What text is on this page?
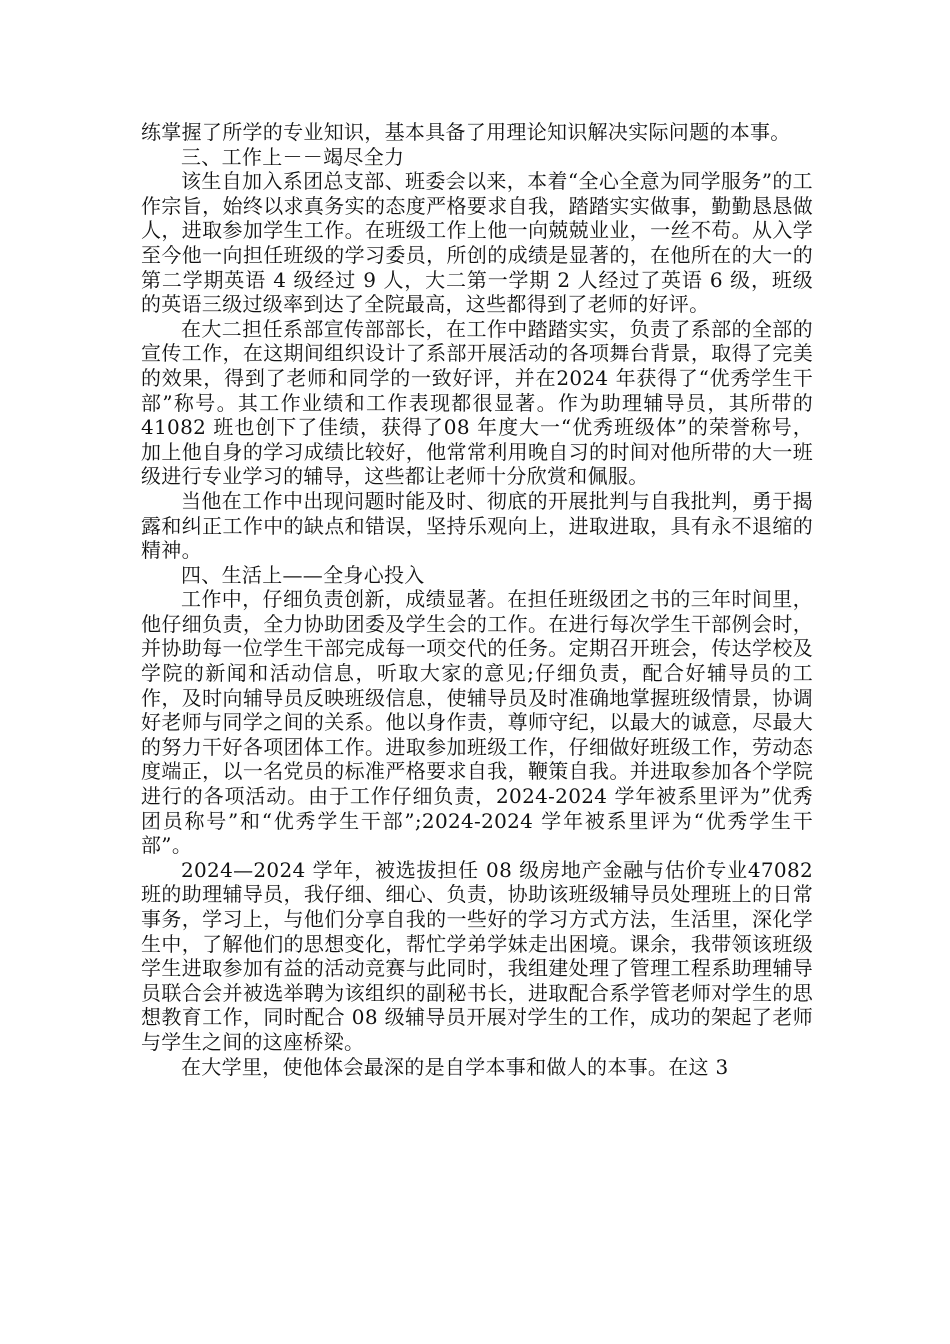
练掌握了所学的专业知识，基本具备了用理论知识解决实际问题的本事。

三、工作上－－竭尽全力

该生自加入系团总支部、班委会以来，本着“全心全意为同学服务”的工作宗旨，始终以求真务实的态度严格要求自我，踏踏实实做事，勤勤恳恳做人，进取参加学生工作。在班级工作上他一向兢兢业业，一丝不苟。从入学至今他一向担任班级的学习委员，所创的成绩是显著的，在他所在的大一的第二学期英语 4 级经过 9 人，大二第一学期 2 人经过了英语 6 级，班级的英语三级过级率到达了全院最高，这些都得到了老师的好评。

在大二担任系部宣传部部长，在工作中踏踏实实，负责了系部的全部的宣传工作，在这期间组织设计了系部开展活动的各项舞台背景，取得了完美的效果，得到了老师和同学的一致好评，并在2024 年获得了“优秀学生干部”称号。其工作业绩和工作表现都很显著。作为助理辅导员，其所带的 41082 班也创下了佳绩，获得了08 年度大一“优秀班级体”的荣誉称号，加上他自身的学习成绩比较好，他常常利用晚自习的时间对他所带的大一班级进行专业学习的辅导，这些都让老师十分欣赏和佩服。

当他在工作中出现问题时能及时、彻底的开展批判与自我批判，勇于揭露和纠正工作中的缺点和错误，坚持乐观向上，进取进取，具有永不退缩的精神。

四、生活上——全身心投入

工作中，仔细负责创新，成绩显著。在担任班级团之书的三年时间里，他仔细负责，全力协助团委及学生会的工作。在进行每次学生干部例会时，并协助每一位学生干部完成每一项交代的任务。定期召开班会，传达学校及学院的新闻和活动信息，听取大家的意见;仔细负责，配合好辅导员的工作，及时向辅导员反映班级信息，使辅导员及时准确地掌握班级情景，协调好老师与同学之间的关系。他以身作责，尊师守纪，以最大的诚意，尽最大的努力干好各项团体工作。进取参加班级工作，仔细做好班级工作，劳动态度端正，以一名党员的标准严格要求自我，鞭策自我。并进取参加各个学院进行的各项活动。由于工作仔细负责，2024-2024 学年被系里评为”优秀团员称号”和“优秀学生干部”;2024-2024 学年被系里评为“优秀学生干部”。

2024—2024 学年，被选拔担任 08 级房地产金融与估价专业47082 班的助理辅导员，我仔细、细心、负责，协助该班级辅导员处理班上的日常事务，学习上，与他们分享自我的一些好的学习方式方法，生活里，深化学生中，了解他们的思想变化，帮忙学弟学妹走出困境。课余，我带领该班级学生进取参加有益的活动竞赛与此同时，我组建处理了管理工程系助理辅导员联合会并被选举聘为该组织的副秘书长，进取配合系学管老师对学生的思想教育工作，同时配合 08 级辅导员开展对学生的工作，成功的架起了老师与学生之间的这座桥梁。

在大学里，使他体会最深的是自学本事和做人的本事。在这 3
